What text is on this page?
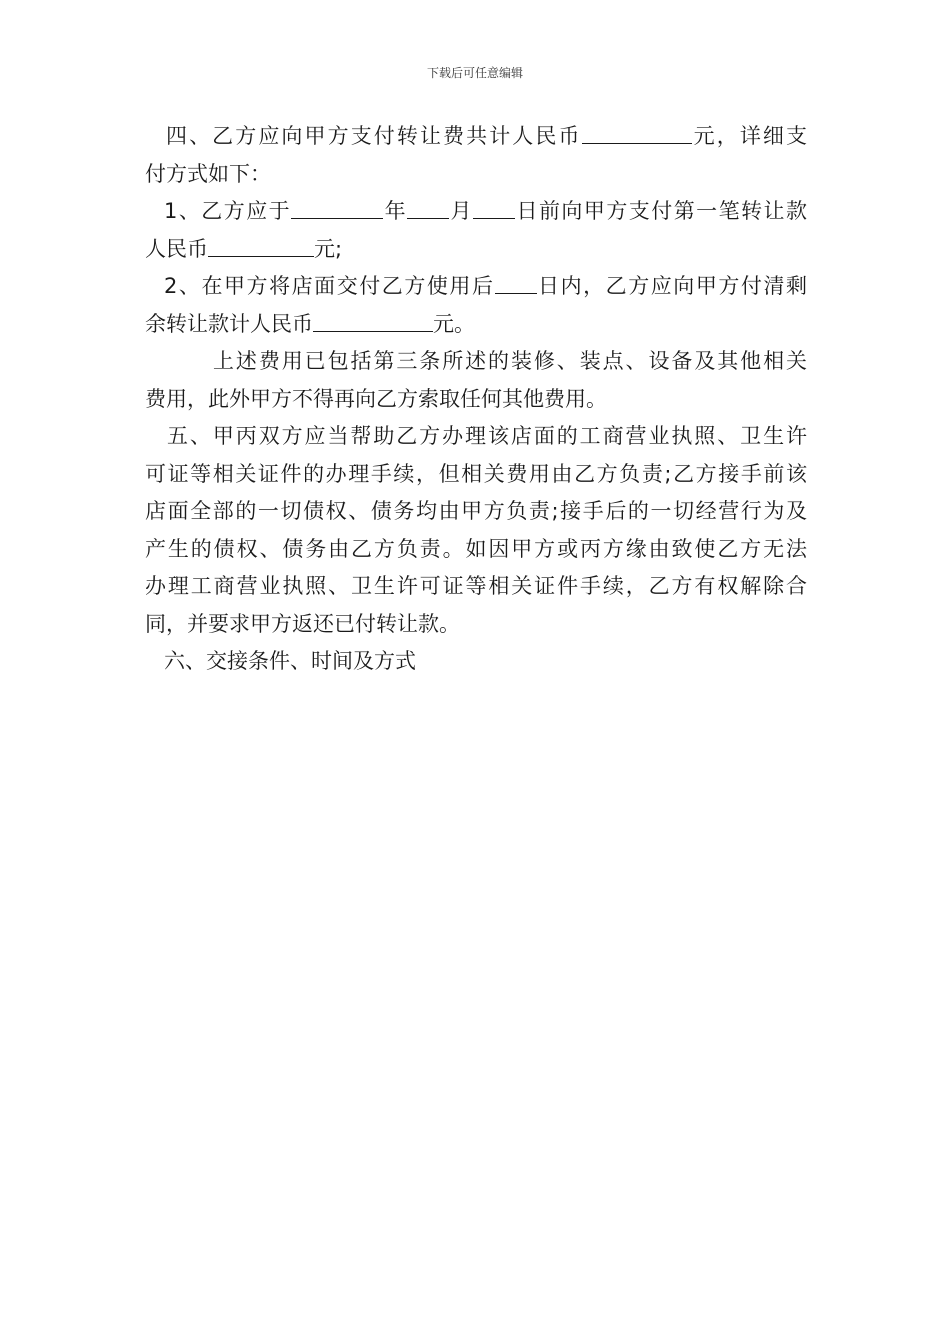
下载后可任意编辑
四、乙方应向甲方支付转让费共计人民币	元，详细支
付方式如下：
1、乙方应于	年 月 日前向甲方支付第一笔转让款
人民币	元;
2、在甲方将店面交付乙方使用后 日内，乙方应向甲方付清剩
余转让款计人民币	元。
上述费用已包括第三条所述的装修、装点、设备及其他相关
费用，此外甲方不得再向乙方索取任何其他费用。
五、甲丙双方应当帮助乙方办理该店面的工商营业执照、卫生许
可证等相关证件的办理手续，但相关费用由乙方负责;乙方接手前该
店面全部的一切债权、债务均由甲方负责;接手后的一切经营行为及
产生的债权、债务由乙方负责。如因甲方或丙方缘由致使乙方无法
办理工商营业执照、卫生许可证等相关证件手续，乙方有权解除合
同，并要求甲方返还已付转让款。
六、交接条件、时间及方式
